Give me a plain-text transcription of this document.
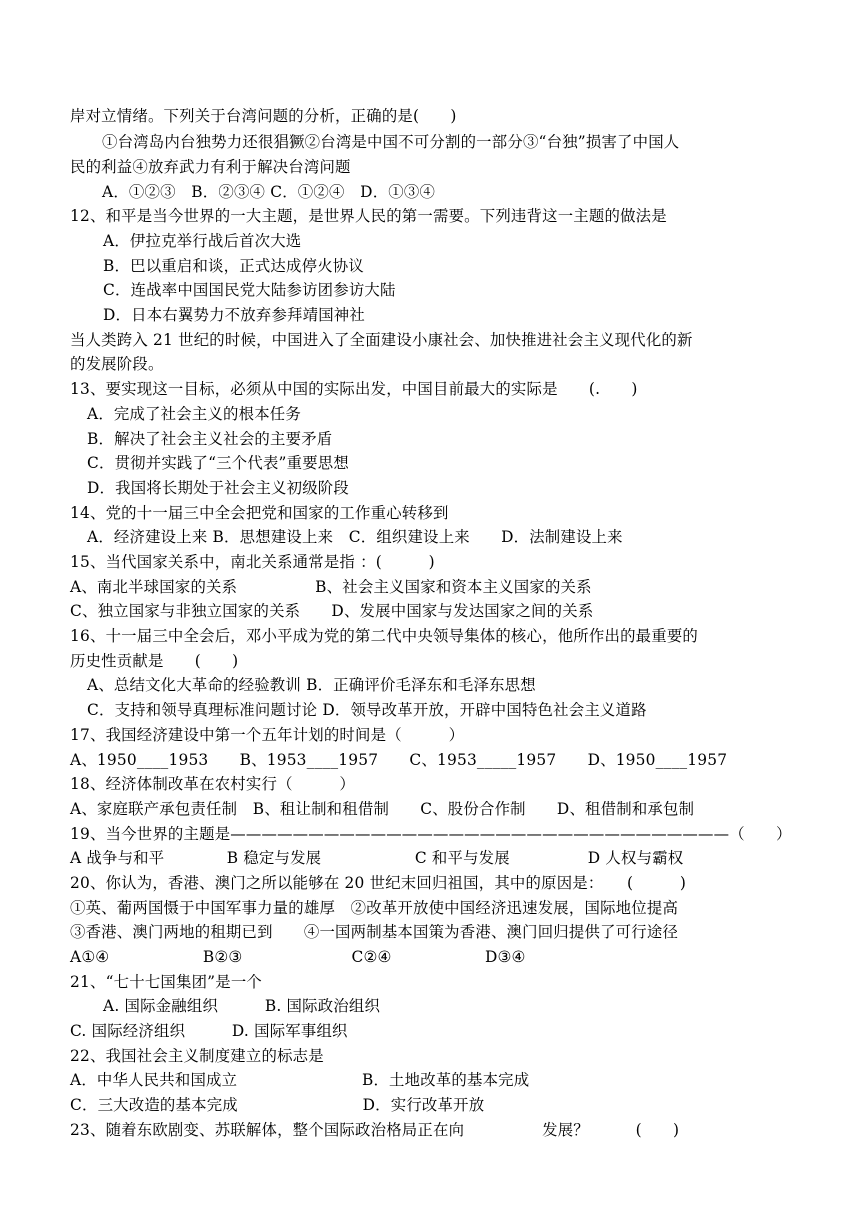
岸对立情绪。下列关于台湾问题的分析，正确的是(　　)
①台湾岛内台独势力还很猖獗②台湾是中国不可分割的一部分③“台独”损害了中国人
民的利益④放弃武力有利于解决台湾问题
A．①②③　B．②③④ C．①②④　D．①③④
12、和平是当今世界的一大主题，是世界人民的第一需要。下列违背这一主题的做法是
A．伊拉克举行战后首次大选
B．巴以重启和谈，正式达成停火协议
C．连战率中国国民党大陆参访团参访大陆
D．日本右翼势力不放弃参拜靖国神社
当人类跨入 21 世纪的时候，中国进入了全面建设小康社会、加快推进社会主义现代化的新
的发展阶段。
13、要实现这一目标，必须从中国的实际出发，中国目前最大的实际是　　(.　　)
A．完成了社会主义的根本任务
B．解决了社会主义社会的主要矛盾
C．贯彻并实践了“三个代表”重要思想
D．我国将长期处于社会主义初级阶段
14、党的十一届三中全会把党和国家的工作重心转移到
A．经济建设上来 B．思想建设上来　C．组织建设上来　　D．法制建设上来
15、当代国家关系中，南北关系通常是指 ：(　　　)
A、南北半球国家的关系　　　　　B、社会主义国家和资本主义国家的关系
C、独立国家与非独立国家的关系　　D、发展中国家与发达国家之间的关系
16、十一届三中全会后，邓小平成为党的第二代中央领导集体的核心，他所作出的最重要的
历史性贡献是　　(　　)
A、总结文化大革命的经验教训 B．正确评价毛泽东和毛泽东思想
C．支持和领导真理标准问题讨论 D．领导改革开放，开辟中国特色社会主义道路
17、我国经济建设中第一个五年计划的时间是（　　　）
A、1950____1953　　B、1953____1957　　C、1953_____1957　　D、1950____1957
18、经济体制改革在农村实行（　　　）
A、家庭联产承包责任制　B、租让制和租借制　　C、股份合作制　　D、租借制和承包制
19、当今世界的主题是————————————————————————————————（　　）
A 战争与和平　　　　B 稳定与发展　　　　　　C 和平与发展　　　　　D 人权与霸权
20、你认为，香港、澳门之所以能够在 20 世纪末回归祖国，其中的原因是：　　(　　　)
①英、葡两国慑于中国军事力量的雄厚　②改革开放使中国经济迅速发展，国际地位提高
③香港、澳门两地的租期已到　　④一国两制基本国策为香港、澳门回归提供了可行途径
A①④　　　　　　B②③　　　　　　　C②④　　　　　　D③④
21、“七十七国集团”是一个
A. 国际金融组织　　　B. 国际政治组织
C. 国际经济组织　　　D. 国际军事组织
22、我国社会主义制度建立的标志是
A．中华人民共和国成立　　　　　　　　B．土地改革的基本完成
C．三大改造的基本完成　　　　　　　　D．实行改革开放
23、随着东欧剧变、苏联解体，整个国际政治格局正在向　　　　　发展？　　　(　　)
